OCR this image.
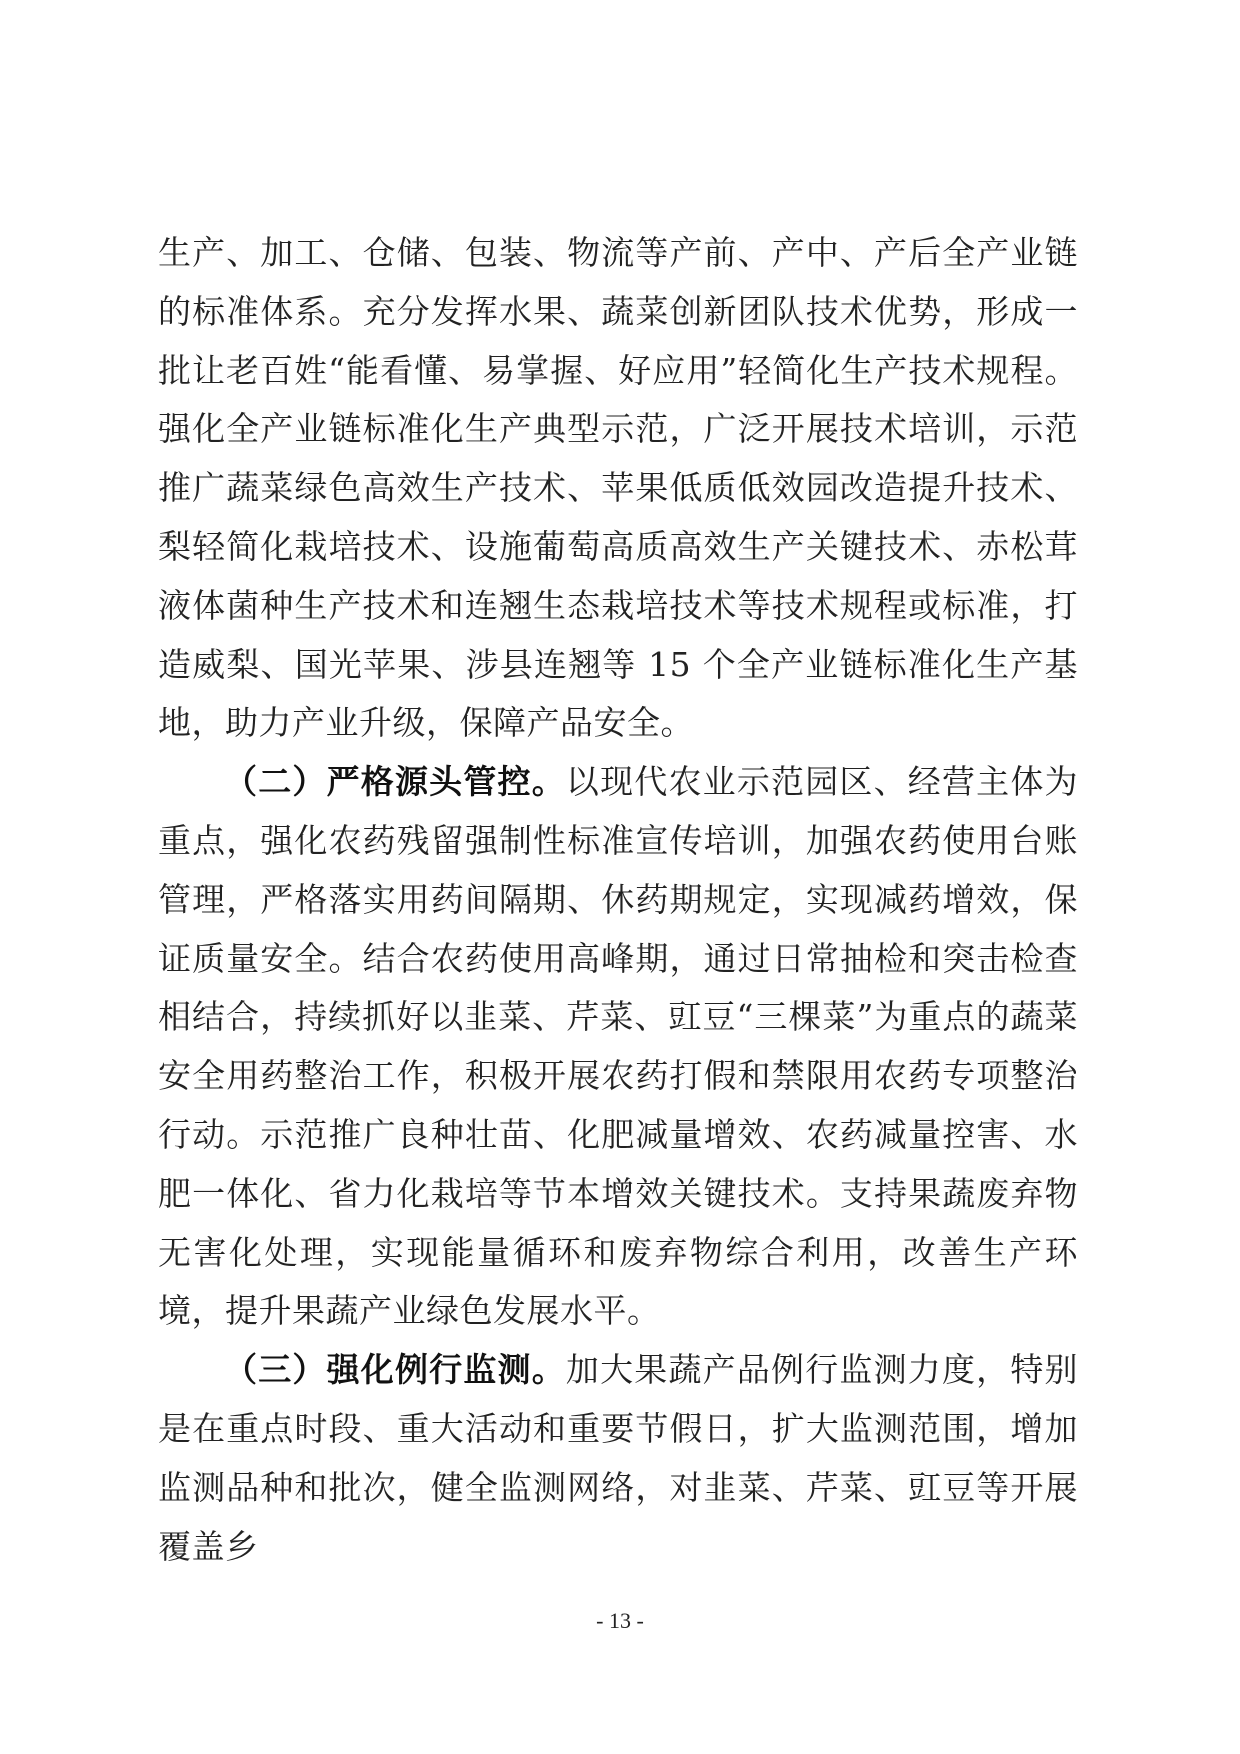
生产、加工、仓储、包装、物流等产前、产中、产后全产业链的标准体系。充分发挥水果、蔬菜创新团队技术优势，形成一批让老百姓“能看懂、易掌握、好应用”轻简化生产技术规程。强化全产业链标准化生产典型示范，广泛开展技术培训，示范推广蔬菜绿色高效生产技术、苹果低质低效园改造提升技术、梨轻简化栽培技术、设施葡萄高质高效生产关键技术、赤松茸液体菌种生产技术和连翘生态栽培技术等技术规程或标准，打造威梨、国光苹果、涉县连翘等 15 个全产业链标准化生产基地，助力产业升级，保障产品安全。

（二）严格源头管控。以现代农业示范园区、经营主体为重点，强化农药残留强制性标准宣传培训，加强农药使用台账管理，严格落实用药间隔期、休药期规定，实现减药增效，保证质量安全。结合农药使用高峰期，通过日常抽检和突击检查相结合，持续抓好以韭菜、芹菜、豇豆“三棵菜”为重点的蔬菜安全用药整治工作，积极开展农药打假和禁限用农药专项整治行动。示范推广良种壮苗、化肥减量增效、农药减量控害、水肥一体化、省力化栽培等节本增效关键技术。支持果蔬废弃物无害化处理，实现能量循环和废弃物综合利用，改善生产环境，提升果蔬产业绿色发展水平。

（三）强化例行监测。加大果蔬产品例行监测力度，特别是在重点时段、重大活动和重要节假日，扩大监测范围，增加监测品种和批次，健全监测网络，对韭菜、芹菜、豇豆等开展覆盖乡

- 13 -
